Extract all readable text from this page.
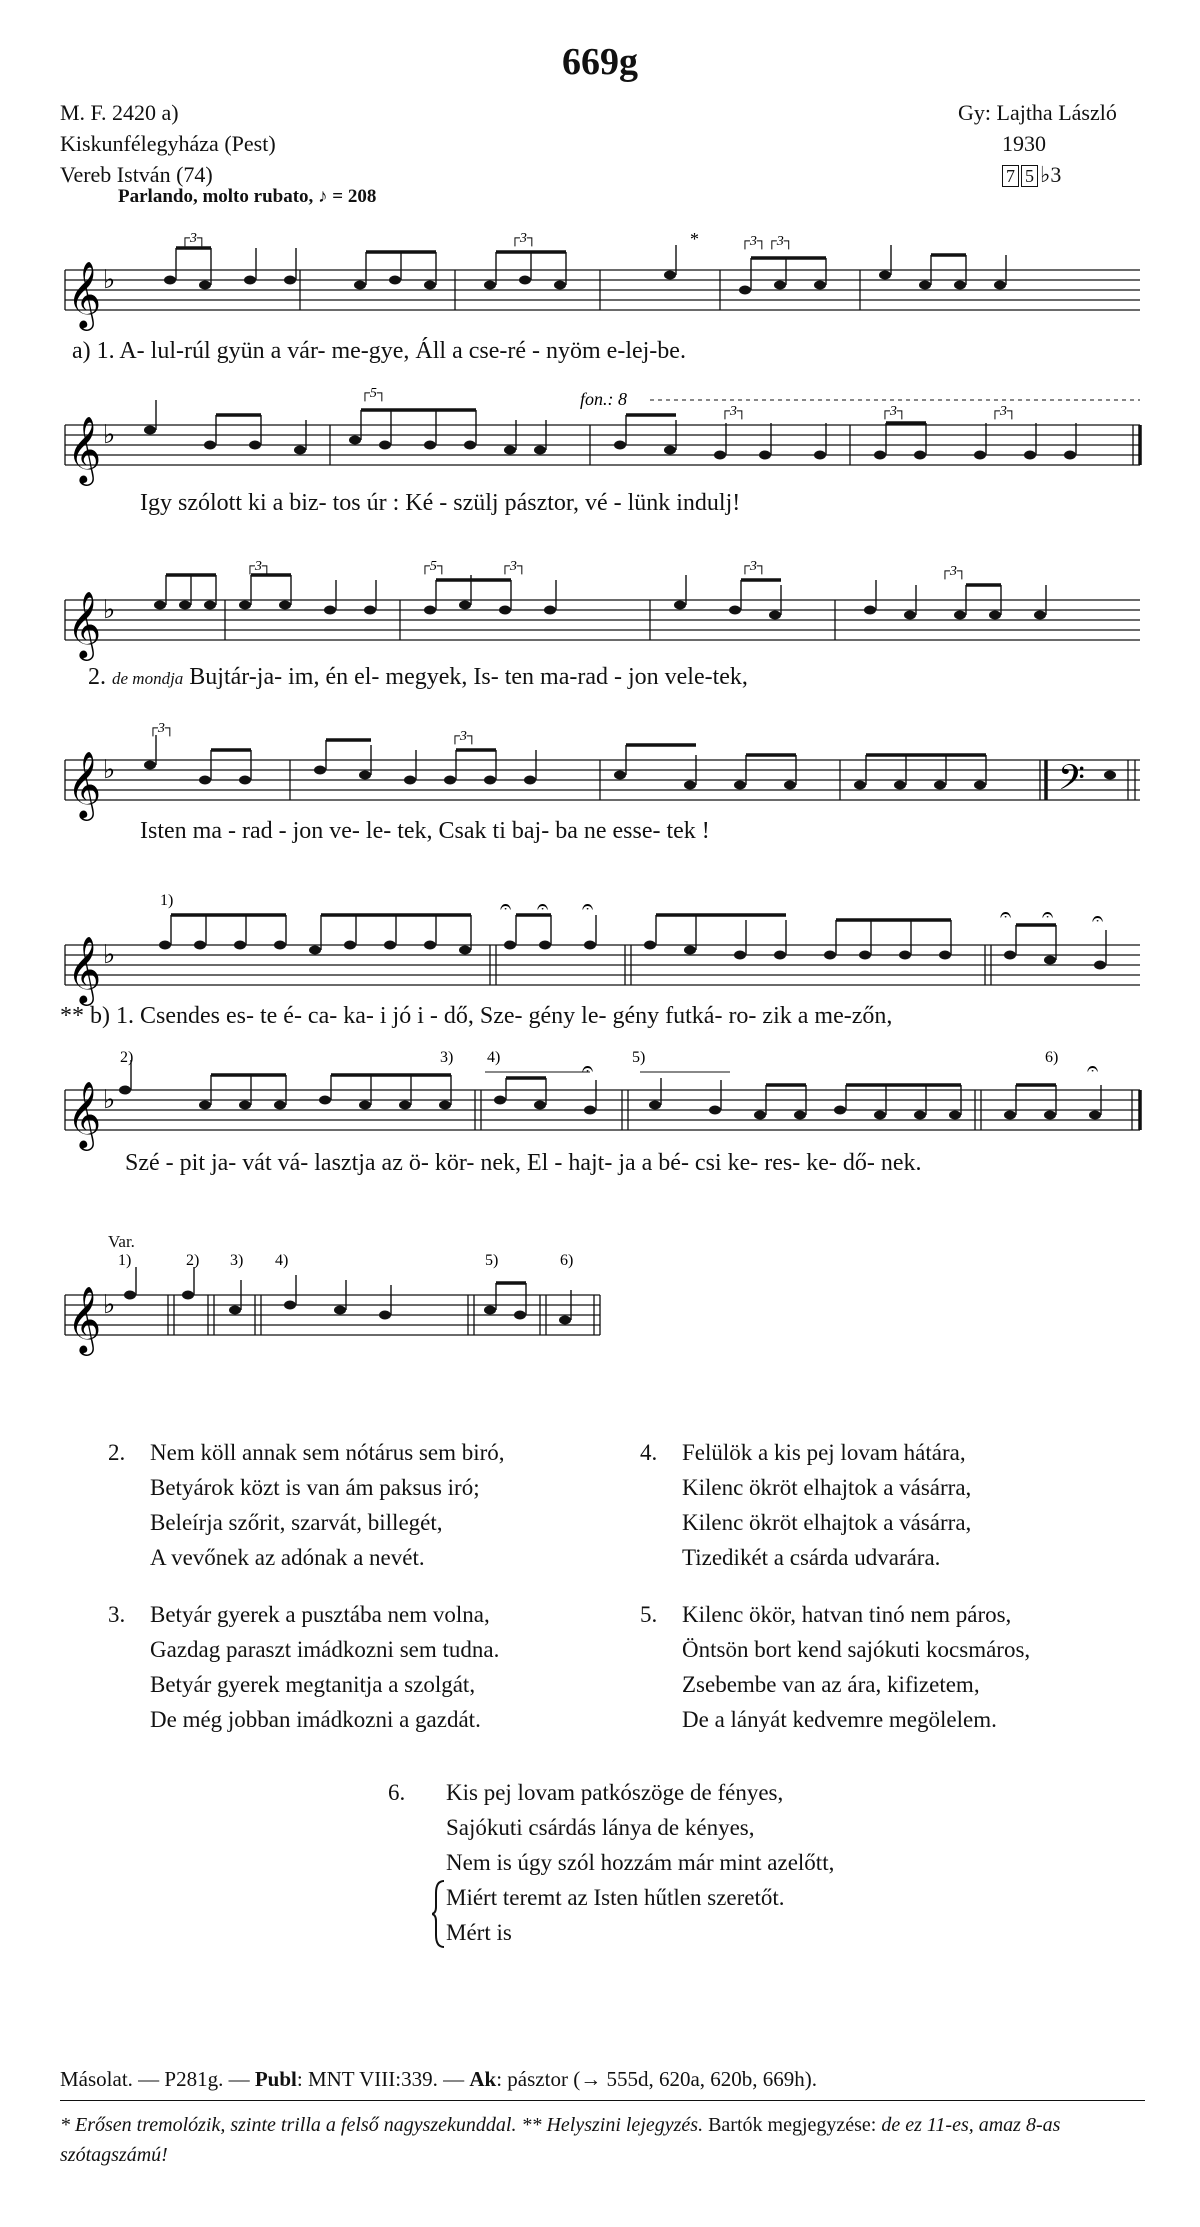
669g
M. F. 2420 a)
Kiskunfélegyháza (Pest)
Vereb István (74)
Gy: Lajtha László
1930
7 5 ♭3
Parlando, molto rubato, ♪ = 208
𝄞 ♭
┌3┐	┌3┐	┌3┐┌3┐
*
a) 1. A- lul-rúl gyün a vár- me-gye, Áll a cse-ré - nyöm e-lej-be.
fon.: 8
𝄞 ♭
┌5┐
┌3┐	┌3┐	┌3┐
Igy szólott ki a biz- tos úr : Ké - szülj pásztor, vé - lünk indulj!
𝄞 ♭
┌3┐	┌5┐	┌3┐	┌3┐	┌3┐
2. de mondja Bujtár-ja- im, én el- megyek, Is- ten ma-rad - jon vele-tek,
𝄞 ♭	𝄢
┌3┐
┌3┐
Isten ma - rad - jon ve- le- tek, Csak ti baj- ba ne esse- tek !
1)
𝄞 ♭
𝄐 𝄐 𝄐	𝄐 𝄐 𝄐
** b) 1. Csendes es- te é- ca- ka- i jó i - dő, Sze- gény le- gény futká- ro- zik a me-zőn,
2)	3) 4)	5)	6)
𝄞 ♭
𝄐	𝄐
Szé - pit ja- vát vá- lasztja az ö- kör- nek, El - hajt- ja a bé- csi ke- res- ke- dő- nek.
Var.
1)	2) 3) 4)	5)	6)
𝄞 ♭
2. Nem köll annak sem nótárus sem biró,
Betyárok közt is van ám paksus iró;
Beleírja szőrit, szarvát, billegét,
A vevőnek az adónak a nevét.
3. Betyár gyerek a pusztába nem volna,
Gazdag paraszt imádkozni sem tudna.
Betyár gyerek megtanitja a szolgát,
De még jobban imádkozni a gazdát.
4. Felülök a kis pej lovam hátára,
Kilenc ökröt elhajtok a vásárra,
Kilenc ökröt elhajtok a vásárra,
Tizedikét a csárda udvarára.
5. Kilenc ökör, hatvan tinó nem páros,
Öntsön bort kend sajókuti kocsmáros,
Zsebembe van az ára, kifizetem,
De a lányát kedvemre megölelem.
6. Kis pej lovam patkószöge de fényes,
Sajókuti csárdás lánya de kényes,
Nem is úgy szól hozzám már mint azelőtt,
Miért teremt az Isten hűtlen szeretőt.
Mért is
Másolat. — P281g. — Publ: MNT VIII:339. — Ak: pásztor (→ 555d, 620a, 620b, 669h).
* Erősen tremolózik, szinte trilla a felső nagyszekunddal. ** Helyszini lejegyzés. Bartók megjegyzése: de ez 11-es, amaz 8-as szótagszámú!
